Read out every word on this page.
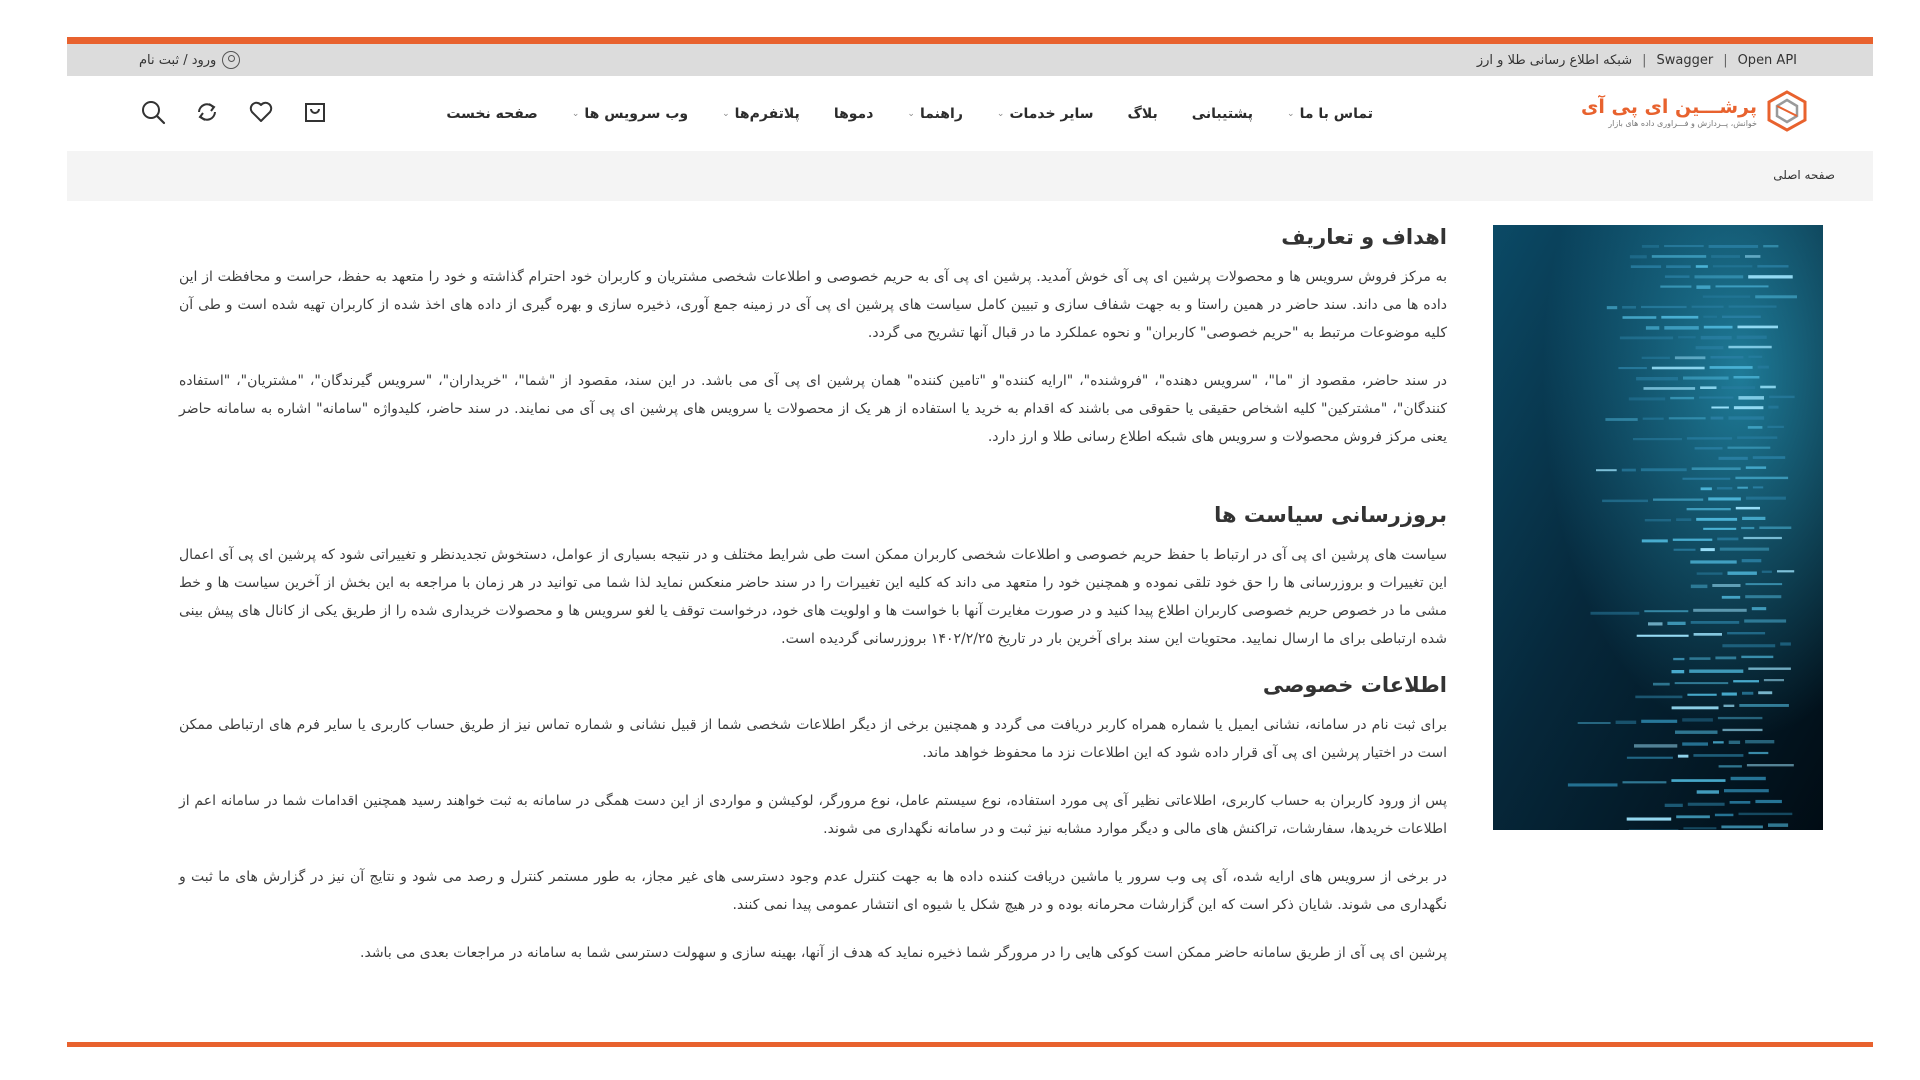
شبکه اطلاع رسانی طلا و ارز | Swagger | Open API
ورود / ثبت نام
پرشـــین ای پی آی
خوانش، پــردازش و فـــراوری داده های بازار
صفحه نخست	وب سرویس ها
⌄	پلاتفرم‌ها
⌄	دموها	راهنما
⌄	سایر خدمات
⌄	بلاگ پشتیبانی	تماس با ما
⌄
صفحه اصلی
اهداف و تعاریف

به مرکز فروش سرویس ها و محصولات پرشین ای پی آی خوش آمدید. پرشین ای پی آی به حریم خصوصی و اطلاعات شخصی مشتریان و کاربران خود احترام گذاشته و خود را متعهد به حفظ، حراست و محافظت از این داده ها می داند. سند حاضر در همین راستا و به جهت شفاف سازی و تبیین کامل سیاست های پرشین ای پی آی در زمینه جمع آوری، ذخیره سازی و بهره گیری از داده های اخذ شده از کاربران تهیه شده است و طی آن کلیه موضوعات مرتبط به "حریم خصوصی" کاربران" و نحوه عملکرد ما در قبال آنها تشریح می گردد.

در سند حاضر، مقصود از "ما"، "سرویس دهنده"، "فروشنده"، "ارایه کننده"و "تامین کننده" همان پرشین ای پی آی می باشد. در این سند، مقصود از "شما"، "خریداران"، "سرویس گیرندگان"، "مشتریان"، "استفاده کنندگان"، "مشترکین" کلیه اشخاص حقیقی یا حقوقی می باشند که اقدام به خرید یا استفاده از هر یک از محصولات یا سرویس های پرشین ای پی آی می نمایند. در سند حاضر، کلیدواژه "سامانه" اشاره به سامانه حاضر یعنی مرکز فروش محصولات و سرویس های شبکه اطلاع رسانی طلا و ارز دارد.

بروزرسانی سیاست ها

سیاست های پرشین ای پی آی در ارتباط با حفظ حریم خصوصی و اطلاعات شخصی کاربران ممکن است طی شرایط مختلف و در نتیجه بسیاری از عوامل، دستخوش تجدیدنظر و تغییراتی شود که پرشین ای پی آی اعمال این تغییرات و بروزرسانی ها را حق خود تلقی نموده و همچنین خود را متعهد می داند که کلیه این تغییرات را در سند حاضر منعکس نماید لذا شما می توانید در هر زمان با مراجعه به این بخش از آخرین سیاست ها و خط مشی ما در خصوص حریم خصوصی کاربران اطلاع پیدا کنید و در صورت مغایرت آنها با خواست ها و اولویت های خود، درخواست توقف یا لغو سرویس ها و محصولات خریداری شده را از طریق یکی از کانال های پیش بینی شده ارتباطی برای ما ارسال نمایید. محتویات این سند برای آخرین بار در تاریخ ۱۴۰۲/۲/۲۵ بروزرسانی گردیده است.

اطلاعات خصوصی

برای ثبت نام در سامانه، نشانی ایمیل یا شماره همراه کاربر دریافت می گردد و همچنین برخی از دیگر اطلاعات شخصی شما از قبیل نشانی و شماره تماس نیز از طریق حساب کاربری یا سایر فرم های ارتباطی ممکن است در اختیار پرشین ای پی آی قرار داده شود که این اطلاعات نزد ما محفوظ خواهد ماند.

پس از ورود کاربران به حساب کاربری، اطلاعاتی نظیر آی پی مورد استفاده، نوع سیستم عامل، نوع مرورگر، لوکیشن و مواردی از این دست همگی در سامانه به ثبت خواهند رسید همچنین اقدامات شما در سامانه اعم از اطلاعات خریدها، سفارشات، تراکنش های مالی و دیگر موارد مشابه نیز ثبت و در سامانه نگهداری می شوند.

در برخی از سرویس های ارایه شده، آی پی وب سرور یا ماشین دریافت کننده داده ها به جهت کنترل عدم وجود دسترسی های غیر مجاز، به طور مستمر کنترل و رصد می شود و نتایج آن نیز در گزارش های ما ثبت و نگهداری می شوند. شایان ذکر است که این گزارشات محرمانه بوده و در هیچ شکل یا شیوه ای انتشار عمومی پیدا نمی کنند.

پرشین ای پی آی از طریق سامانه حاضر ممکن است کوکی هایی را در مرورگر شما ذخیره نماید که هدف از آنها، بهینه سازی و سهولت دسترسی شما به سامانه در مراجعات بعدی می باشد.
